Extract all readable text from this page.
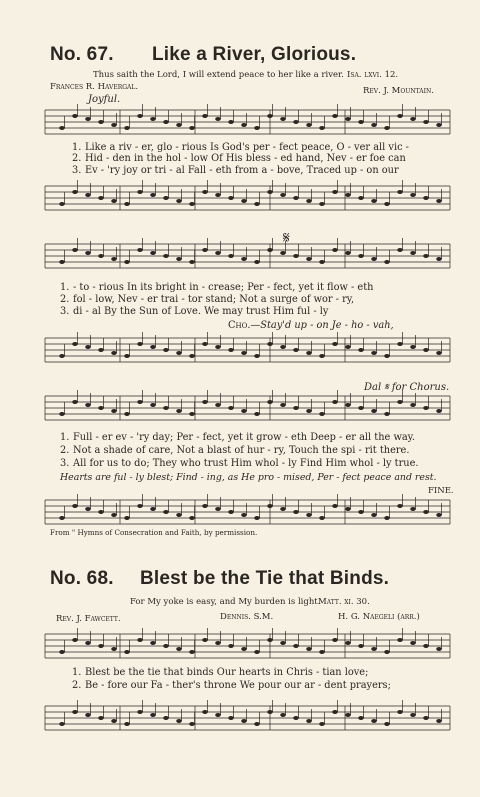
No. 67. Like a River, Glorious.
Thus saith the Lord, I will extend peace to her like a river. Isa. lxvi. 12.
Frances R. Havergal.	Rev. J. Mountain.
Joyful.
1. Like a riv - er, glo - rious Is God's per - fect peace, O - ver all vic -
2. Hid - den in the hol - low Of His bless - ed hand, Nev - er foe can
3. Ev - 'ry joy or tri - al Fall - eth from a - bove, Traced up - on our
𝄋
1. - to - rious In its bright in - crease; Per - fect, yet it flow - eth
2. fol - low, Nev - er trai - tor stand; Not a surge of wor - ry,
3. di - al By the Sun of Love. We may trust Him ful - ly
Cho.—Stay'd up - on Je - ho - vah,
Dal 𝄋 for Chorus.
1. Full - er ev - 'ry day; Per - fect, yet it grow - eth Deep - er all the way.
2. Not a shade of care, Not a blast of hur - ry, Touch the spi - rit there.
3. All for us to do; They who trust Him whol - ly Find Him whol - ly true.
Hearts are ful - ly blest; Find - ing, as He pro - mised, Per - fect peace and rest.
FINE.
From " Hymns of Consecration and Faith, by permission.
No. 68. Blest be the Tie that Binds.
For My yoke is easy, and My burden is light.
Matt. xi. 30.
Rev. J. Fawcett.	Dennis. S.M.	H. G. Naegeli (arr.)
1. Blest be the tie that binds Our hearts in Chris - tian love;
2. Be - fore our Fa - ther's throne We pour our ar - dent prayers;
